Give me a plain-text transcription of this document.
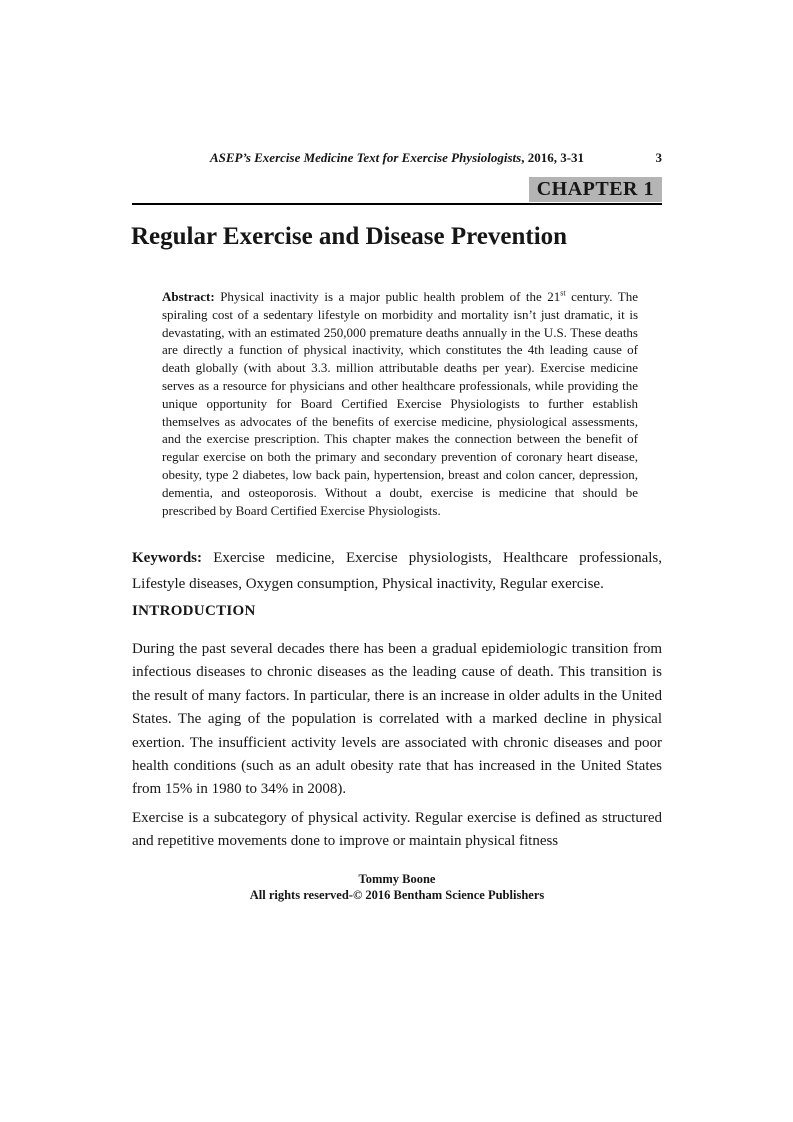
ASEP’s Exercise Medicine Text for Exercise Physiologists, 2016, 3-31	3
CHAPTER 1
Regular Exercise and Disease Prevention

Abstract: Physical inactivity is a major public health problem of the 21st century. The spiraling cost of a sedentary lifestyle on morbidity and mortality isn’t just dramatic, it is devastating, with an estimated 250,000 premature deaths annually in the U.S. These deaths are directly a function of physical inactivity, which constitutes the 4th leading cause of death globally (with about 3.3. million attributable deaths per year). Exercise medicine serves as a resource for physicians and other healthcare professionals, while providing the unique opportunity for Board Certified Exercise Physiologists to further establish themselves as advocates of the benefits of exercise medicine, physiological assessments, and the exercise prescription. This chapter makes the connection between the benefit of regular exercise on both the primary and secondary prevention of coronary heart disease, obesity, type 2 diabetes, low back pain, hypertension, breast and colon cancer, depression, dementia, and osteoporosis. Without a doubt, exercise is medicine that should be prescribed by Board Certified Exercise Physiologists.

Keywords: Exercise medicine, Exercise physiologists, Healthcare professionals, Lifestyle diseases, Oxygen consumption, Physical inactivity, Regular exercise.

INTRODUCTION

During the past several decades there has been a gradual epidemiologic transition from infectious diseases to chronic diseases as the leading cause of death. This transition is the result of many factors. In particular, there is an increase in older adults in the United States. The aging of the population is correlated with a marked decline in physical exertion. The insufficient activity levels are associated with chronic diseases and poor health conditions (such as an adult obesity rate that has increased in the United States from 15% in 1980 to 34% in 2008).

Exercise is a subcategory of physical activity. Regular exercise is defined as structured and repetitive movements done to improve or maintain physical fitness

Tommy Boone
All rights reserved-© 2016 Bentham Science Publishers
